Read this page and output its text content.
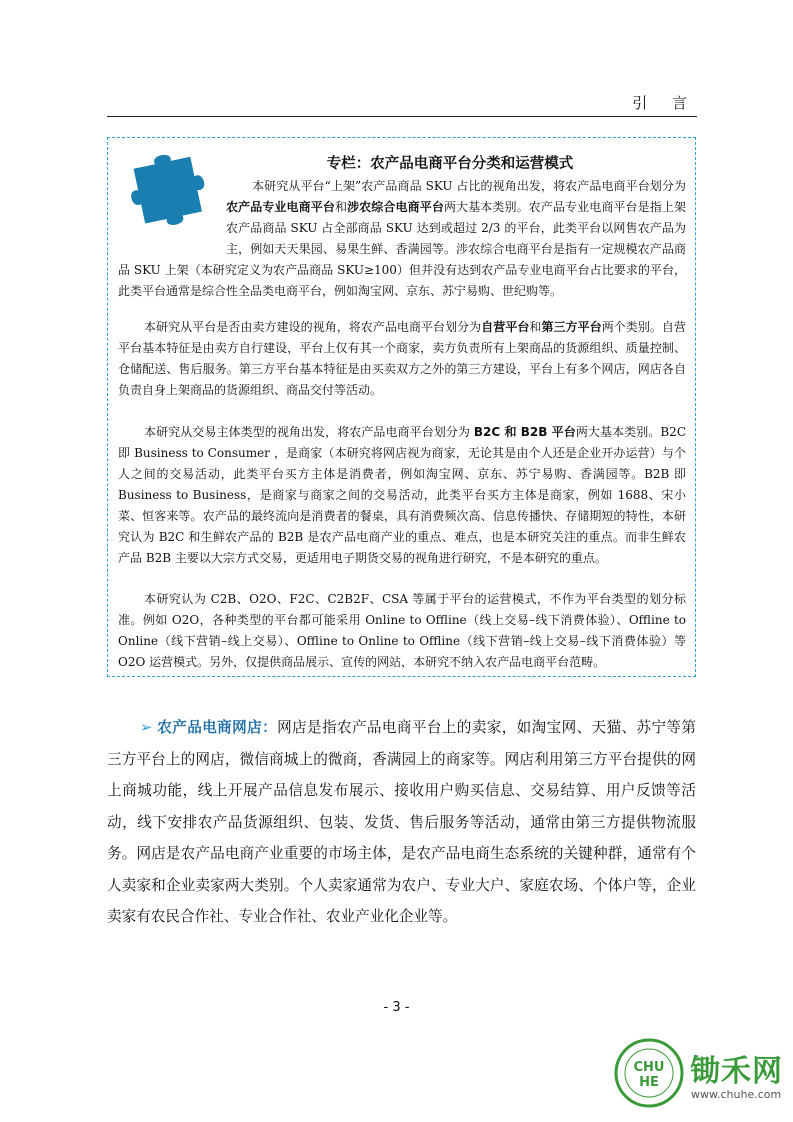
引 言
专栏：农产品电商平台分类和运营模式
本研究从平台“上架”农产品商品 SKU 占比的视角出发，将农产品电商平台划分为农产品专业电商平台和涉农综合电商平台两大基本类别。农产品专业电商平台是指上架农产品商品 SKU 占全部商品 SKU 达到或超过 2/3 的平台，此类平台以网售农产品为主，例如天天果园、易果生鲜、香满园等。涉农综合电商平台是指有一定规模农产品商品 SKU 上架（本研究定义为农产品商品 SKU≥100）但并没有达到农产品专业电商平台占比要求的平台，此类平台通常是综合性全品类电商平台，例如淘宝网、京东、苏宁易购、世纪购等。

本研究从平台是否由卖方建设的视角，将农产品电商平台划分为自营平台和第三方平台两个类别。自营平台基本特征是由卖方自行建设，平台上仅有其一个商家，卖方负责所有上架商品的货源组织、质量控制、仓储配送、售后服务。第三方平台基本特征是由买卖双方之外的第三方建设，平台上有多个网店，网店各自负责自身上架商品的货源组织、商品交付等活动。

本研究从交易主体类型的视角出发，将农产品电商平台划分为 B2C 和 B2B 平台两大基本类别。B2C 即 Business to Consumer ，是商家（本研究将网店视为商家，无论其是由个人还是企业开办运营）与个人之间的交易活动，此类平台买方主体是消费者，例如淘宝网、京东、苏宁易购、香满园等。B2B 即 Business to Business，是商家与商家之间的交易活动，此类平台买方主体是商家，例如 1688、宋小菜、恒客来等。农产品的最终流向是消费者的餐桌，具有消费频次高、信息传播快、存储期短的特性，本研究认为 B2C 和生鲜农产品的 B2B 是农产品电商产业的重点、难点，也是本研究关注的重点。而非生鲜农产品 B2B 主要以大宗方式交易，更适用电子期货交易的视角进行研究，不是本研究的重点。

本研究认为 C2B、O2O、F2C、C2B2F、CSA 等属于平台的运营模式，不作为平台类型的划分标准。例如 O2O，各种类型的平台都可能采用 Online to Offline（线上交易–线下消费体验）、Offline to Online（线下营销–线上交易）、Offline to Online to Offline（线下营销–线上交易–线下消费体验）等 O2O 运营模式。另外，仅提供商品展示、宣传的网站，本研究不纳入农产品电商平台范畴。

➢ 农产品电商网店：网店是指农产品电商平台上的卖家，如淘宝网、天猫、苏宁等第三方平台上的网店，微信商城上的微商，香满园上的商家等。网店利用第三方平台提供的网上商城功能，线上开展产品信息发布展示、接收用户购买信息、交易结算、用户反馈等活动，线下安排农产品货源组织、包装、发货、售后服务等活动，通常由第三方提供物流服务。网店是农产品电商产业重要的市场主体，是农产品电商生态系统的关键种群，通常有个人卖家和企业卖家两大类别。个人卖家通常为农户、专业大户、家庭农场、个体户等，企业卖家有农民合作社、专业合作社、农业产业化企业等。

- 3 -
CHU
HE 锄禾网
www.chuhe.com
